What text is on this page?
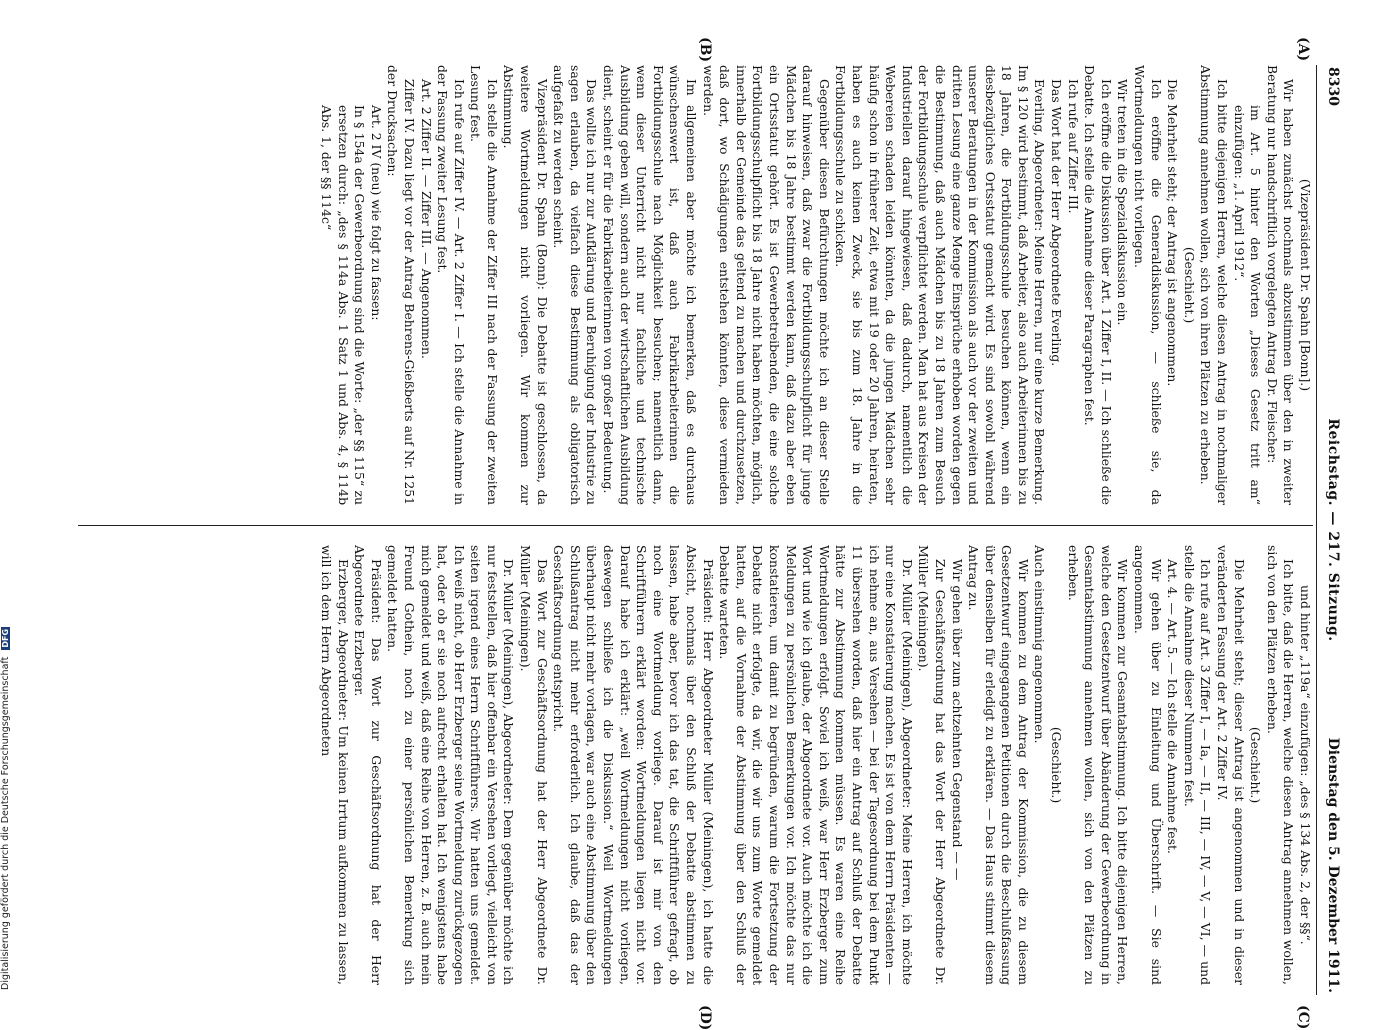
8330
Reichstag. — 217. Sitzung.
Dienstag den 5. Dezember 1911.
(A)
(B)
(C)
(D)

(Vizepräsident Dr. Spahn [Bonn].)

Wir haben zunächst nochmals abzustimmen über den in zweiter Beratung nur handschriftlich vorgelegten Antrag Dr. Fleischer:

im Art. 5 hinter den Worten „Dieses Gesetz tritt am“ einzufügen: „1. April 1912“.

Ich bitte diejenigen Herren, welche diesen Antrag in nochmaliger Abstimmung annehmen wollen, sich von ihren Plätzen zu erheben.

(Geschieht.)

Die Mehrheit steht; der Antrag ist angenommen.

Ich eröffne die Generaldiskussion, — schließe sie, da Wortmeldungen nicht vorliegen.

Wir treten in die Spezialdiskussion ein.

Ich eröffne die Diskussion über Art. 1 Ziffer I, II. — Ich schließe die Debatte. Ich stelle die Annahme dieser Paragraphen fest.

Ich rufe auf Ziffer III.

Das Wort hat der Herr Abgeordnete Everling.

Everling, Abgeordneter: Meine Herren, nur eine kurze Bemerkung. Im § 120 wird bestimmt, daß Arbeiter, also auch Arbeiterinnen bis zu 18 Jahren, die Fortbildungsschule besuchen können, wenn ein diesbezügliches Ortsstatut gemacht wird. Es sind sowohl während unserer Beratungen in der Kommission als auch vor der zweiten und dritten Lesung eine ganze Menge Einsprüche erhoben worden gegen die Bestimmung, daß auch Mädchen bis zu 18 Jahren zum Besuch der Fortbildungsschule verpflichtet werden. Man hat aus Kreisen der Industriellen darauf hingewiesen, daß dadurch, namentlich die Webereien schaden leiden könnten, da die jungen Mädchen sehr häufig schon in früherer Zeit, etwa mit 19 oder 20 Jahren, heiraten, haben es auch keinen Zweck, sie bis zum 18. Jahre in die Fortbildungsschule zu schicken.

Gegenüber diesen Befürchtungen möchte ich an dieser Stelle darauf hinweisen, daß zwar die Fortbildungsschulpflicht für junge Mädchen bis 18 Jahre bestimmt werden kann, daß dazu aber eben ein Ortsstatut gehört. Es ist Gewerbetreibenden, die eine solche Fortbildungsschulpflicht bis 18 Jahre nicht haben möchten, möglich, innerhalb der Gemeinde das geltend zu machen und durchzusetzen, daß dort, wo Schädigungen entstehen könnten, diese vermieden werden.

Im allgemeinen aber möchte ich bemerken, daß es durchaus wünschenswert ist, daß auch Fabrikarbeiterinnen die Fortbildungsschule nach Möglichkeit besuchen; namentlich dann, wenn dieser Unterricht nicht nur fachliche und technische Ausbildung geben will, sondern auch der wirtschaftlichen Ausbildung dient, scheint er für die Fabrikarbeiterinnen von großer Bedeutung.

Das wollte ich nur zur Aufklärung und Beruhigung der Industrie zu sagen erlauben, da vielfach diese Bestimmung als obligatorisch aufgefaßt zu werden scheint.

Vizepräsident Dr. Spahn (Bonn): Die Debatte ist geschlossen, da weitere Wortmeldungen nicht vorliegen. Wir kommen zur Abstimmung.

Ich stelle die Annahme der Ziffer III nach der Fassung der zweiten Lesung fest.

Ich rufe auf Ziffer IV. — Art. 2 Ziffer I. — Ich stelle die Annahme in der Fassung zweiter Lesung fest.

Art. 2 Ziffer II. — Ziffer III. — Angenommen.

Ziffer IV. Dazu liegt vor der Antrag Behrens-Gießberts auf Nr. 1251 der Drucksachen:

Art. 2 IV (neu) wie folgt zu fassen:

In § 154a der Gewerbeordnung sind die Worte: „der §§ 115“ zu ersetzen durch: „des § 114a Abs. 1 Satz 1 und Abs. 4, § 114b Abs. 1, der §§ 114c“

und hinter „119a“ einzufügen: „des § 134 Abs. 2, der §§“.

Ich bitte, daß die Herren, welche diesen Antrag annehmen wollen, sich von den Plätzen erheben.

(Geschieht.)

Die Mehrheit steht; dieser Antrag ist angenommen und in dieser veränderten Fassung der Art. 2 Ziffer IV.

Ich rufe auf Art. 3 Ziffer I, — Ia, — II, — III, — IV, — V, — VI, — und stelle die Annahme dieser Nummern fest.

Art. 4. — Art. 5. — Ich stelle die Annahme fest.

Wir gehen über zu Einleitung und Überschrift. — Sie sind angenommen.

Wir kommen zur Gesamtabstimmung. Ich bitte diejenigen Herren, welche den Gesetzentwurf über Abänderung der Gewerbeordnung in Gesamtabstimmung annehmen wollen, sich von den Plätzen zu erheben.

(Geschieht.)

Auch einstimmig angenommen.

Wir kommen zu dem Antrag der Kommission, die zu diesem Gesetzentwurf eingegangenen Petitionen durch die Beschlußfassung über denselben für erledigt zu erklären. — Das Haus stimmt diesem Antrag zu.

Wir gehen über zum achtzehnten Gegenstand — —

Zur Geschäftsordnung hat das Wort der Herr Abgeordnete Dr. Müller (Meiningen).

Dr. Müller (Meiningen), Abgeordneter: Meine Herren, ich möchte nur eine Konstatierung machen. Es ist von dem Herrn Präsidenten — ich nehme an, aus Versehen — bei der Tagesordnung bei dem Punkt 11 übersehen worden, daß hier ein Antrag auf Schluß der Debatte hätte zur Abstimmung kommen müssen. Es waren eine Reihe Wortmeldungen erfolgt. Soviel ich weiß, war Herr Erzberger zum Wort und wie ich glaube, der Abgeordnete vor. Auch möchte ich die Meldungen zu persönlichen Bemerkungen vor. Ich möchte das nur konstatieren, um damit zu begründen, warum die Fortsetzung der Debatte nicht erfolgte, da wir, die wir uns zum Worte gemeldet hatten, auf die Vornahme der Abstimmung über den Schluß der Debatte warteten.

Präsident: Herr Abgeordneter Müller (Meiningen), ich hatte die Absicht, nochmals über den Schluß der Debatte abstimmen zu lassen, habe aber, bevor ich das tat, die Schriftführer gefragt, ob noch eine Wortmeldung vorliege. Darauf ist mir von den Schriftführern erklärt worden: Wortmeldungen liegen nicht vor. Darauf habe ich erklärt: „weil Wortmeldungen nicht vorliegen, deswegen schließe ich die Diskussion.“ Weil Wortmeldungen überhaupt nicht mehr vorlagen, war auch eine Abstimmung über den Schlußantrag nicht mehr erforderlich. Ich glaube, daß das der Geschäftsordnung entspricht.

Das Wort zur Geschäftsordnung hat der Herr Abgeordnete Dr. Müller (Meiningen).

Dr. Müller (Meiningen), Abgeordneter: Dem gegenüber möchte ich nur feststellen, daß hier offenbar ein Versehen vorliegt, vielleicht von seiten irgend eines Herrn Schriftführers. Wir hatten uns gemeldet. Ich weiß nicht, ob Herr Erzberger seine Wortmeldung zurückgezogen hat, oder ob er sie noch aufrecht erhalten hat. Ich wenigstens habe mich gemeldet und weiß, daß eine Reihe von Herren, z. B. auch mein Freund Gothein, noch zu einer persönlichen Bemerkung sich gemeldet hatten.

Präsident: Das Wort zur Geschäftsordnung hat der Herr Abgeordnete Erzberger.

Erzberger, Abgeordneter: Um keinen Irrtum aufkommen zu lassen, will ich dem Herrn Abgeordneten

Digitalisierung gefördert durch die Deutsche Forschungsgemeinschaft DFG
